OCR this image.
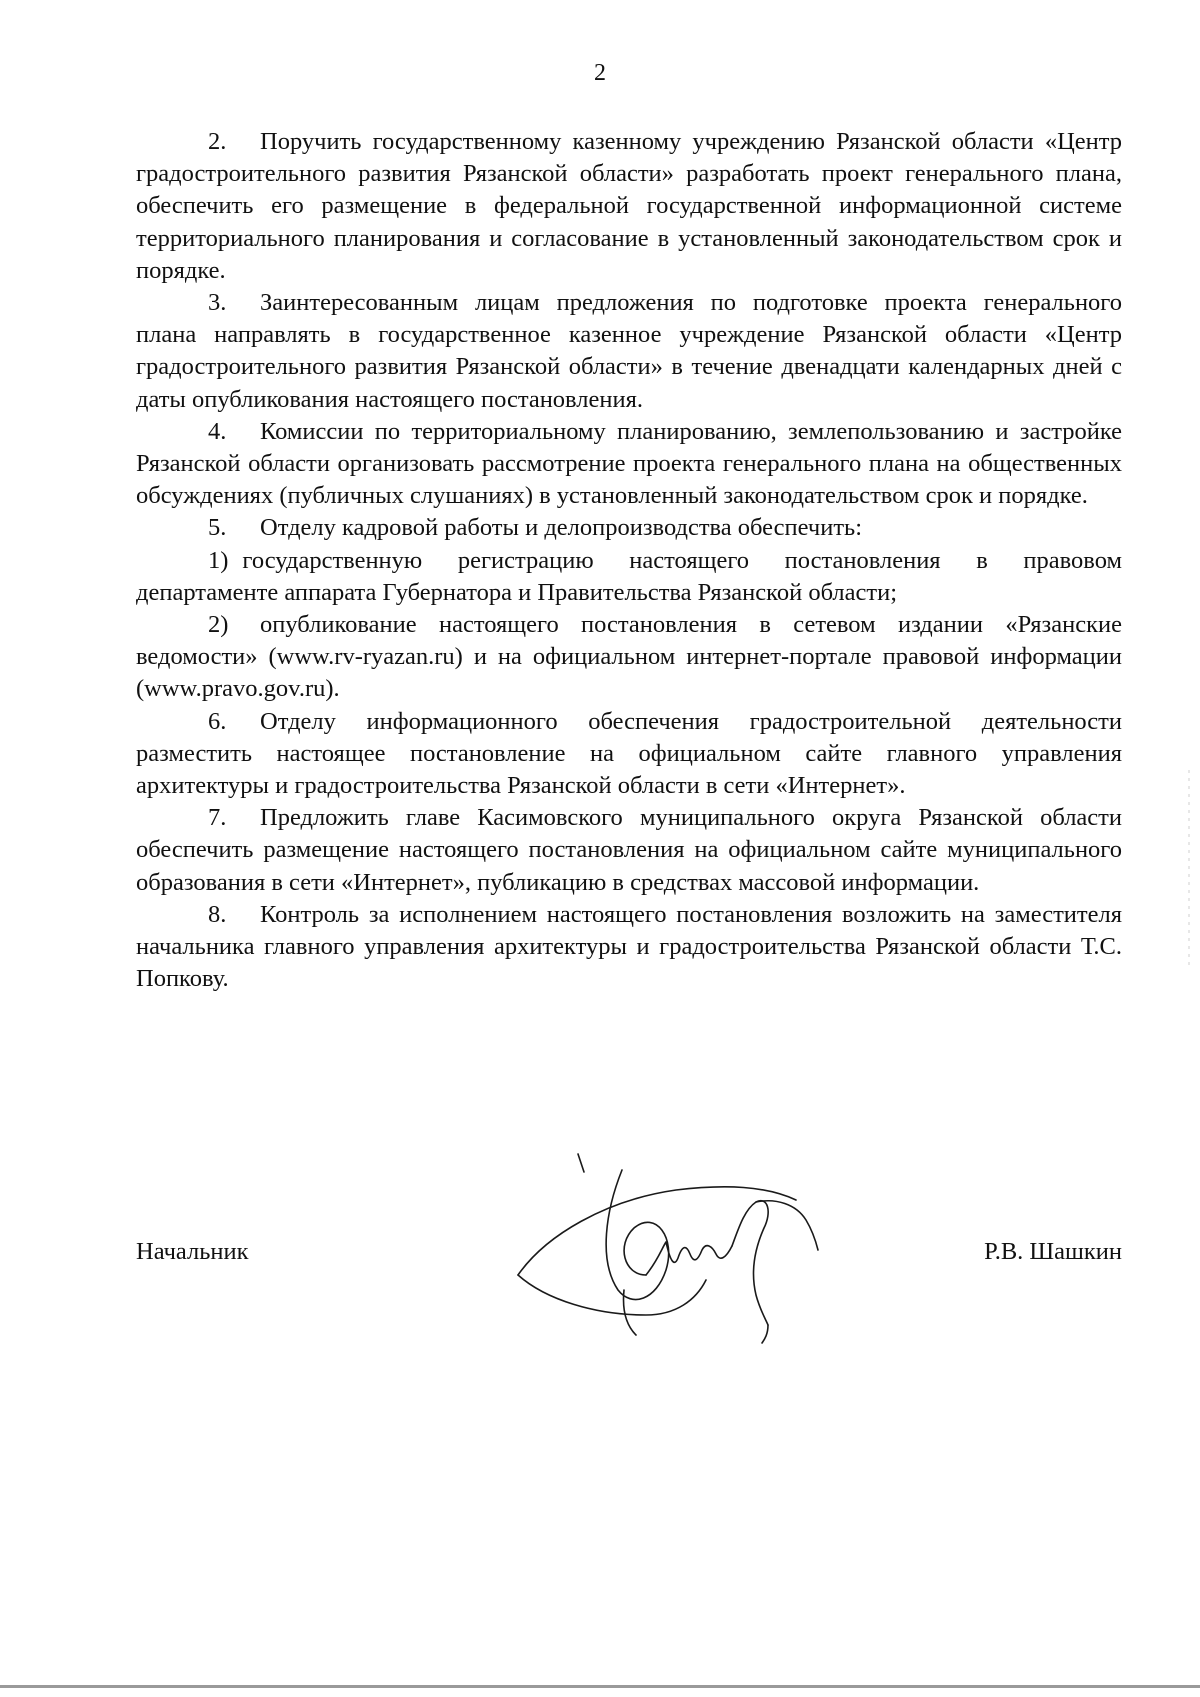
2

2. Поручить государственному казенному учреждению Рязанской области «Центр градостроительного развития Рязанской области» разработать проект генерального плана, обеспечить его размещение в федеральной государственной информационной системе территориального планирования и согласование в установленный законодательством срок и порядке.

3. Заинтересованным лицам предложения по подготовке проекта генерального плана направлять в государственное казенное учреждение Рязанской области «Центр градостроительного развития Рязанской области» в течение двенадцати календарных дней с даты опубликования настоящего постановления.

4. Комиссии по территориальному планированию, землепользованию и застройке Рязанской области организовать рассмотрение проекта генерального плана на общественных обсуждениях (публичных слушаниях) в установленный законодательством срок и порядке.

5. Отделу кадровой работы и делопроизводства обеспечить:

1) государственную регистрацию настоящего постановления в правовом департаменте аппарата Губернатора и Правительства Рязанской области;

2) опубликование настоящего постановления в сетевом издании «Рязанские ведомости» (www.rv-ryazan.ru) и на официальном интернет-портале правовой информации (www.pravo.gov.ru).

6. Отделу информационного обеспечения градостроительной деятельности разместить настоящее постановление на официальном сайте главного управления архитектуры и градостроительства Рязанской области в сети «Интернет».

7. Предложить главе Касимовского муниципального округа Рязанской области обеспечить размещение настоящего постановления на официальном сайте муниципального образования в сети «Интернет», публикацию в средствах массовой информации.

8. Контроль за исполнением настоящего постановления возложить на заместителя начальника главного управления архитектуры и градостроительства Рязанской области Т.С. Попкову.

Начальник	Р.В. Шашкин
